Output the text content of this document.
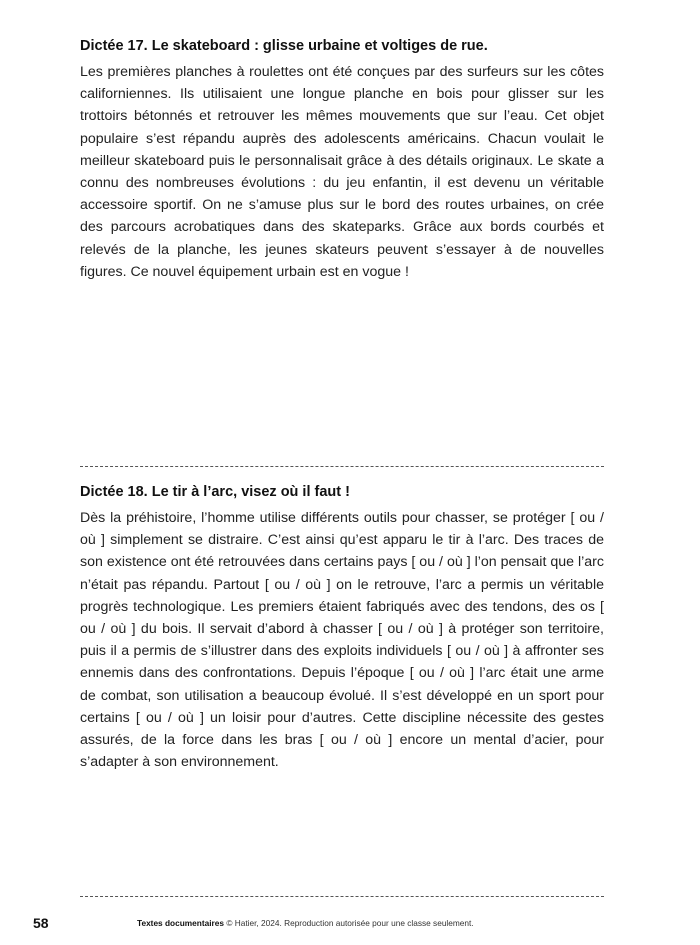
Dictée 17. Le skateboard : glisse urbaine et voltiges de rue.

Les premières planches à roulettes ont été conçues par des surfeurs sur les côtes californiennes. Ils utilisaient une longue planche en bois pour glisser sur les trottoirs bétonnés et retrouver les mêmes mouvements que sur l’eau. Cet objet populaire s’est répandu auprès des adolescents américains. Chacun voulait le meilleur skateboard puis le personnalisait grâce à des détails originaux. Le skate a connu des nombreuses évolutions : du jeu enfantin, il est devenu un véritable accessoire sportif. On ne s’amuse plus sur le bord des routes urbaines, on crée des parcours acrobatiques dans des skateparks. Grâce aux bords courbés et relevés de la planche, les jeunes skateurs peuvent s’essayer à de nouvelles figures. Ce nouvel équipement urbain est en vogue !

Dictée 18. Le tir à l’arc, visez où il faut !

Dès la préhistoire, l’homme utilise différents outils pour chasser, se protéger [ ou / où ] simplement se distraire. C’est ainsi qu’est apparu le tir à l’arc. Des traces de son existence ont été retrouvées dans certains pays [ ou / où ] l’on pensait que l’arc n’était pas répandu. Partout [ ou / où ] on le retrouve, l’arc a permis un véritable progrès technologique. Les premiers étaient fabriqués avec des tendons, des os [ ou / où ] du bois. Il servait d’abord à chasser [ ou / où ] à protéger son territoire, puis il a permis de s’illustrer dans des exploits individuels [ ou / où ] à affronter ses ennemis dans des confrontations. Depuis l’époque [ ou / où ] l’arc était une arme de combat, son utilisation a beaucoup évolué. Il s’est développé en un sport pour certains [ ou / où ] un loisir pour d’autres. Cette discipline nécessite des gestes assurés, de la force dans les bras [ ou / où ] encore un mental d’acier, pour s’adapter à son environnement.

58	Textes documentaires © Hatier, 2024. Reproduction autorisée pour une classe seulement.
